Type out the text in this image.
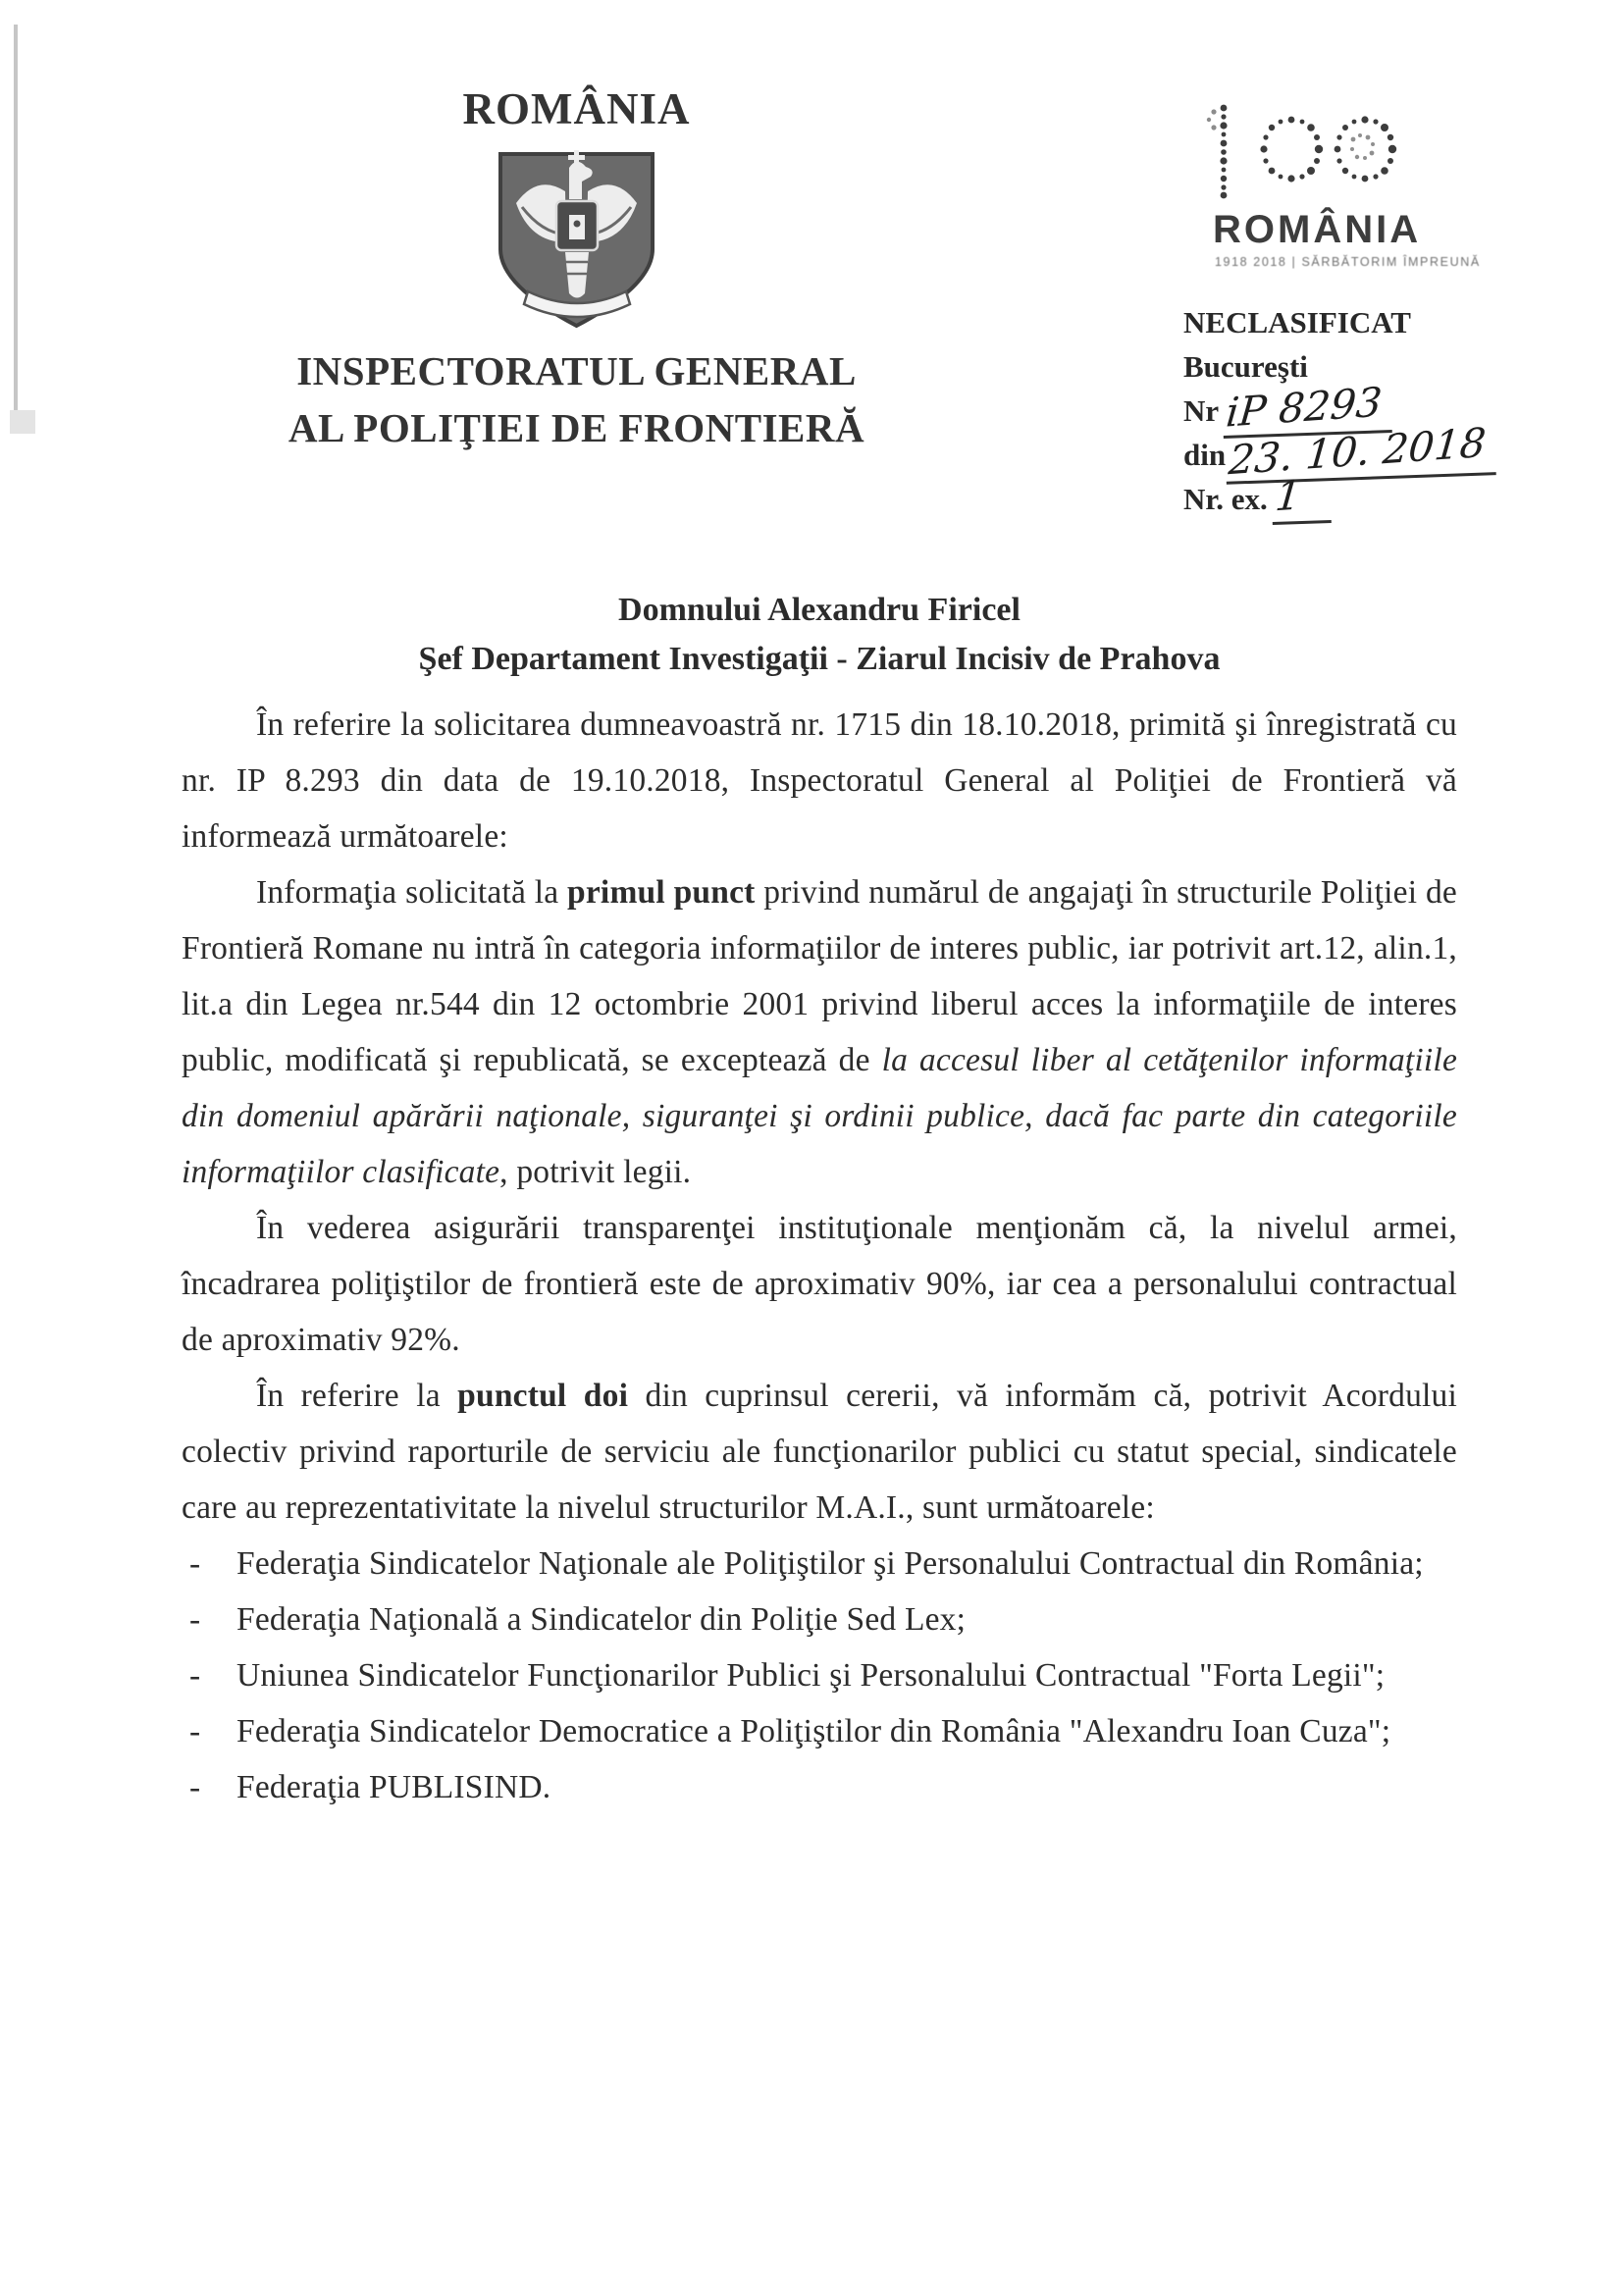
ROMÂNIA
INSPECTORATUL GENERAL
AL POLIŢIEI DE FRONTIERĂ
ROMÂNIA
1918 2018 | SĂRBĂTORIM ÎMPREUNĂ
NECLASIFICAT
Bucureşti
Nr iP 8293
din23. 10. 2018
Nr. ex. 1
Domnului Alexandru Firicel
Şef Departament Investigaţii - Ziarul Incisiv de Prahova

În referire la solicitarea dumneavoastră nr. 1715 din 18.10.2018, primită şi înregistrată cu nr. IP 8.293 din data de 19.10.2018, Inspectoratul General al Poliţiei de Frontieră vă informează următoarele:

Informaţia solicitată la primul punct privind numărul de angajaţi în structurile Poliţiei de Frontieră Romane nu intră în categoria informaţiilor de interes public, iar potrivit art.12, alin.1, lit.a din Legea nr.544 din 12 octombrie 2001 privind liberul acces la informaţiile de interes public, modificată şi republicată, se exceptează de la accesul liber al cetăţenilor informaţiile din domeniul apărării naţionale, siguranţei şi ordinii publice, dacă fac parte din categoriile informaţiilor clasificate, potrivit legii.

În vederea asigurării transparenţei instituţionale menţionăm că, la nivelul armei, încadrarea poliţiştilor de frontieră este de aproximativ 90%, iar cea a personalului contractual de aproximativ 92%.

În referire la punctul doi din cuprinsul cererii, vă informăm că, potrivit Acordului colectiv privind raporturile de serviciu ale funcţionarilor publici cu statut special, sindicatele care au reprezentativitate la nivelul structurilor M.A.I., sunt următoarele:

- Federaţia Sindicatelor Naţionale ale Poliţiştilor şi Personalului Contractual din România;
- Federaţia Naţională a Sindicatelor din Poliţie Sed Lex;
- Uniunea Sindicatelor Funcţionarilor Publici şi Personalului Contractual "Forta Legii";
- Federaţia Sindicatelor Democratice a Poliţiştilor din România "Alexandru Ioan Cuza";
- Federaţia PUBLISIND.
